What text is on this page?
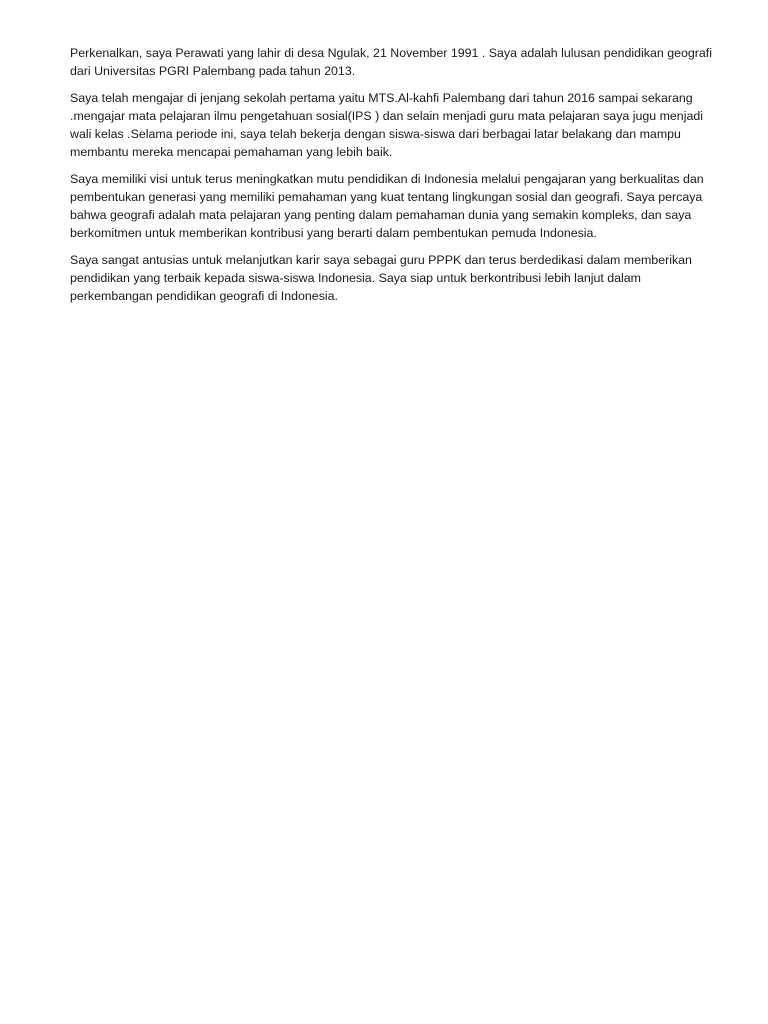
Perkenalkan, saya Perawati yang lahir di desa Ngulak, 21 November 1991 . Saya adalah lulusan pendidikan geografi dari Universitas PGRI Palembang pada tahun 2013.

Saya telah mengajar di jenjang sekolah pertama yaitu MTS.Al-kahfi Palembang dari tahun 2016 sampai sekarang .mengajar mata pelajaran ilmu pengetahuan sosial(IPS ) dan selain menjadi guru mata pelajaran saya jugu menjadi wali kelas .Selama periode ini, saya telah bekerja dengan siswa-siswa dari berbagai latar belakang dan mampu membantu mereka mencapai pemahaman yang lebih baik.

Saya memiliki visi untuk terus meningkatkan mutu pendidikan di Indonesia melalui pengajaran yang berkualitas dan pembentukan generasi yang memiliki pemahaman yang kuat tentang lingkungan sosial dan geografi. Saya percaya bahwa geografi adalah mata pelajaran yang penting dalam pemahaman dunia yang semakin kompleks, dan saya berkomitmen untuk memberikan kontribusi yang berarti dalam pembentukan pemuda Indonesia.

Saya sangat antusias untuk melanjutkan karir saya sebagai guru PPPK dan terus berdedikasi dalam memberikan pendidikan yang terbaik kepada siswa-siswa Indonesia. Saya siap untuk berkontribusi lebih lanjut dalam perkembangan pendidikan geografi di Indonesia.
